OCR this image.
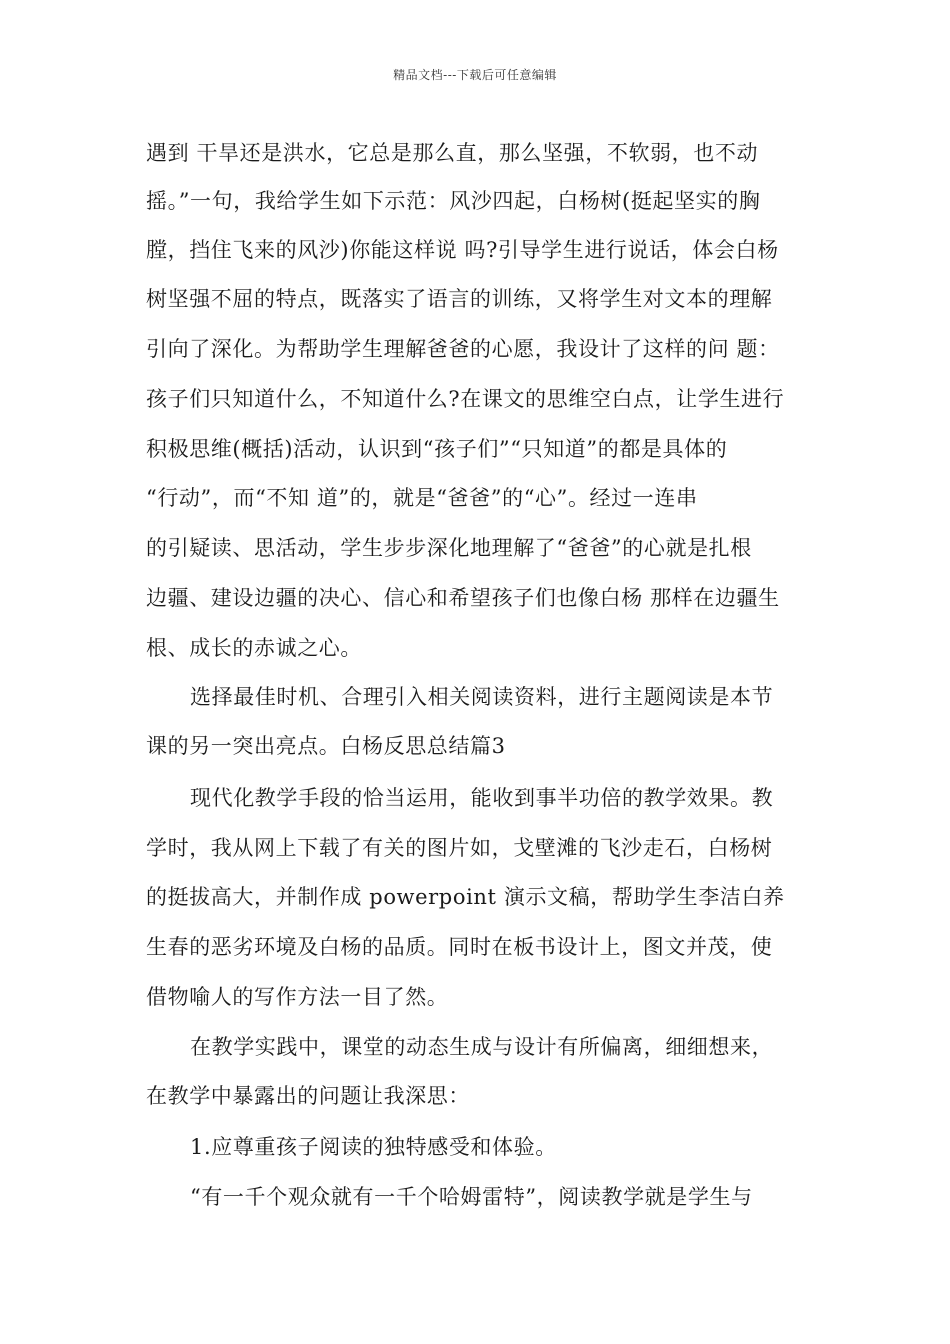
精品文档---下载后可任意编辑
遇到 干旱还是洪水，它总是那么直，那么坚强，不软弱，也不动
摇。”一句，我给学生如下示范：风沙四起，白杨树(挺起坚实的胸
膛，挡住飞来的风沙)你能这样说 吗?引导学生进行说话，体会白杨
树坚强不屈的特点，既落实了语言的训练，又将学生对文本的理解
引向了深化。为帮助学生理解爸爸的心愿，我设计了这样的问 题：
孩子们只知道什么，不知道什么?在课文的思维空白点，让学生进行
积极思维(概括)活动，认识到“孩子们”“只知道”的都是具体的
“行动”，而“不知 道”的，就是“爸爸”的“心”。经过一连串
的引疑读、思活动，学生步步深化地理解了“爸爸”的心就是扎根
边疆、建设边疆的决心、信心和希望孩子们也像白杨 那样在边疆生
根、成长的赤诚之心。
选择最佳时机、合理引入相关阅读资料，进行主题阅读是本节
课的另一突出亮点。白杨反思总结篇3
现代化教学手段的恰当运用，能收到事半功倍的教学效果。教
学时，我从网上下载了有关的图片如，戈壁滩的飞沙走石，白杨树
的挺拔高大，并制作成 powerpoint 演示文稿，帮助学生李洁白养
生春的恶劣环境及白杨的品质。同时在板书设计上，图文并茂，使
借物喻人的写作方法一目了然。
在教学实践中，课堂的动态生成与设计有所偏离，细细想来，
在教学中暴露出的问题让我深思：
1.应尊重孩子阅读的独特感受和体验。
“有一千个观众就有一千个哈姆雷特”，阅读教学就是学生与
